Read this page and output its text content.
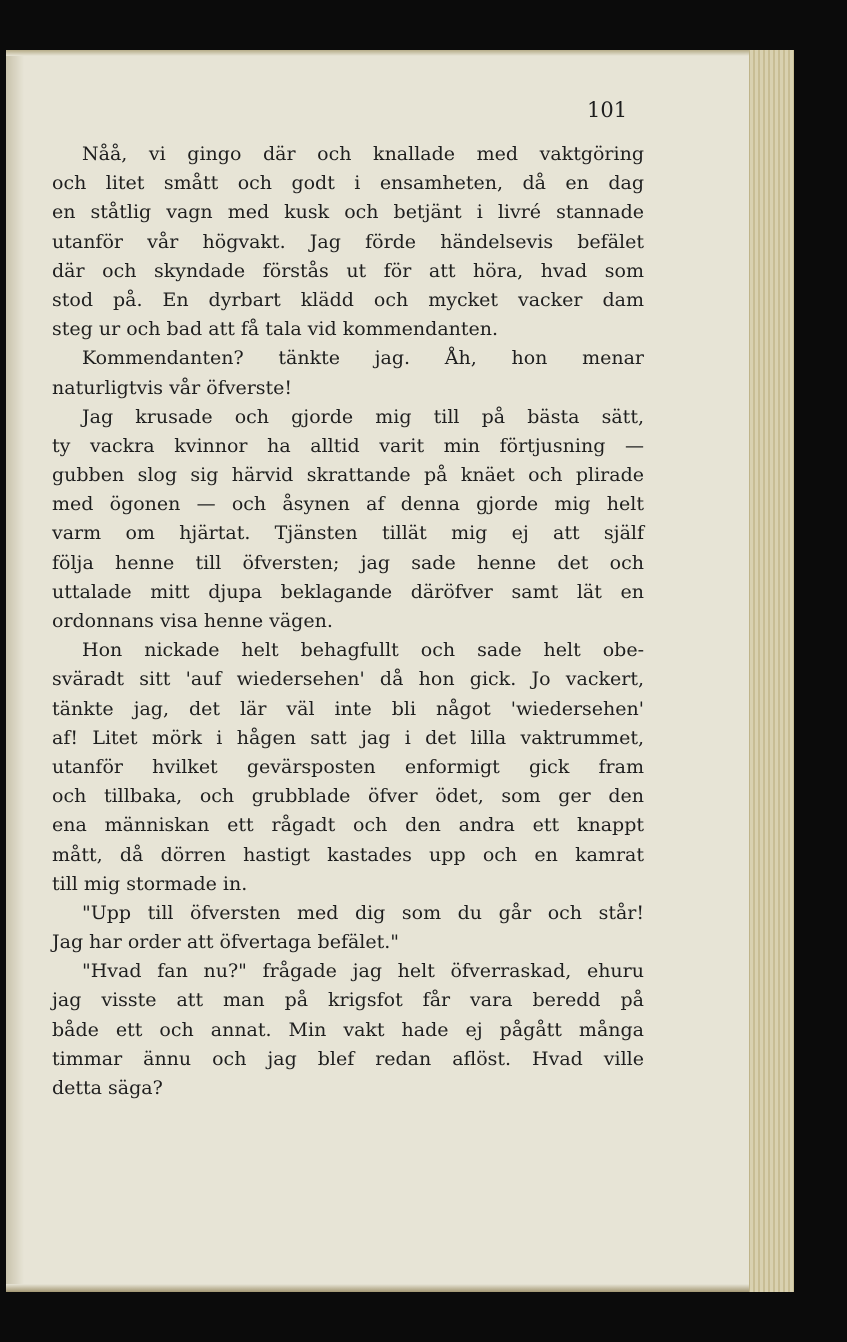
101

Nåå, vi gingo där och knallade med vaktgöring
och litet smått och godt i ensamheten, då en dag
en ståtlig vagn med kusk och betjänt i livré stannade
utanför vår högvakt. Jag förde händelsevis befälet
där och skyndade förstås ut för att höra, hvad som
stod på. En dyrbart klädd och mycket vacker dam
steg ur och bad att få tala vid kommendanten.
Kommendanten? tänkte jag. Åh, hon menar
naturligtvis vår öfverste!
Jag krusade och gjorde mig till på bästa sätt,
ty vackra kvinnor ha alltid varit min förtjusning —
gubben slog sig härvid skrattande på knäet och plirade
med ögonen — och åsynen af denna gjorde mig helt
varm om hjärtat. Tjänsten tillät mig ej att själf
följa henne till öfversten; jag sade henne det och
uttalade mitt djupa beklagande däröfver samt lät en
ordonnans visa henne vägen.
Hon nickade helt behagfullt och sade helt obe-
sväradt sitt 'auf wiedersehen' då hon gick. Jo vackert,
tänkte jag, det lär väl inte bli något 'wiedersehen'
af! Litet mörk i hågen satt jag i det lilla vaktrummet,
utanför hvilket gevärsposten enformigt gick fram
och tillbaka, och grubblade öfver ödet, som ger den
ena människan ett rågadt och den andra ett knappt
mått, då dörren hastigt kastades upp och en kamrat
till mig stormade in.
"Upp till öfversten med dig som du går och står!
Jag har order att öfvertaga befälet."
"Hvad fan nu?" frågade jag helt öfverraskad, ehuru
jag visste att man på krigsfot får vara beredd på
både ett och annat. Min vakt hade ej pågått många
timmar ännu och jag blef redan aflöst. Hvad ville
detta säga?
